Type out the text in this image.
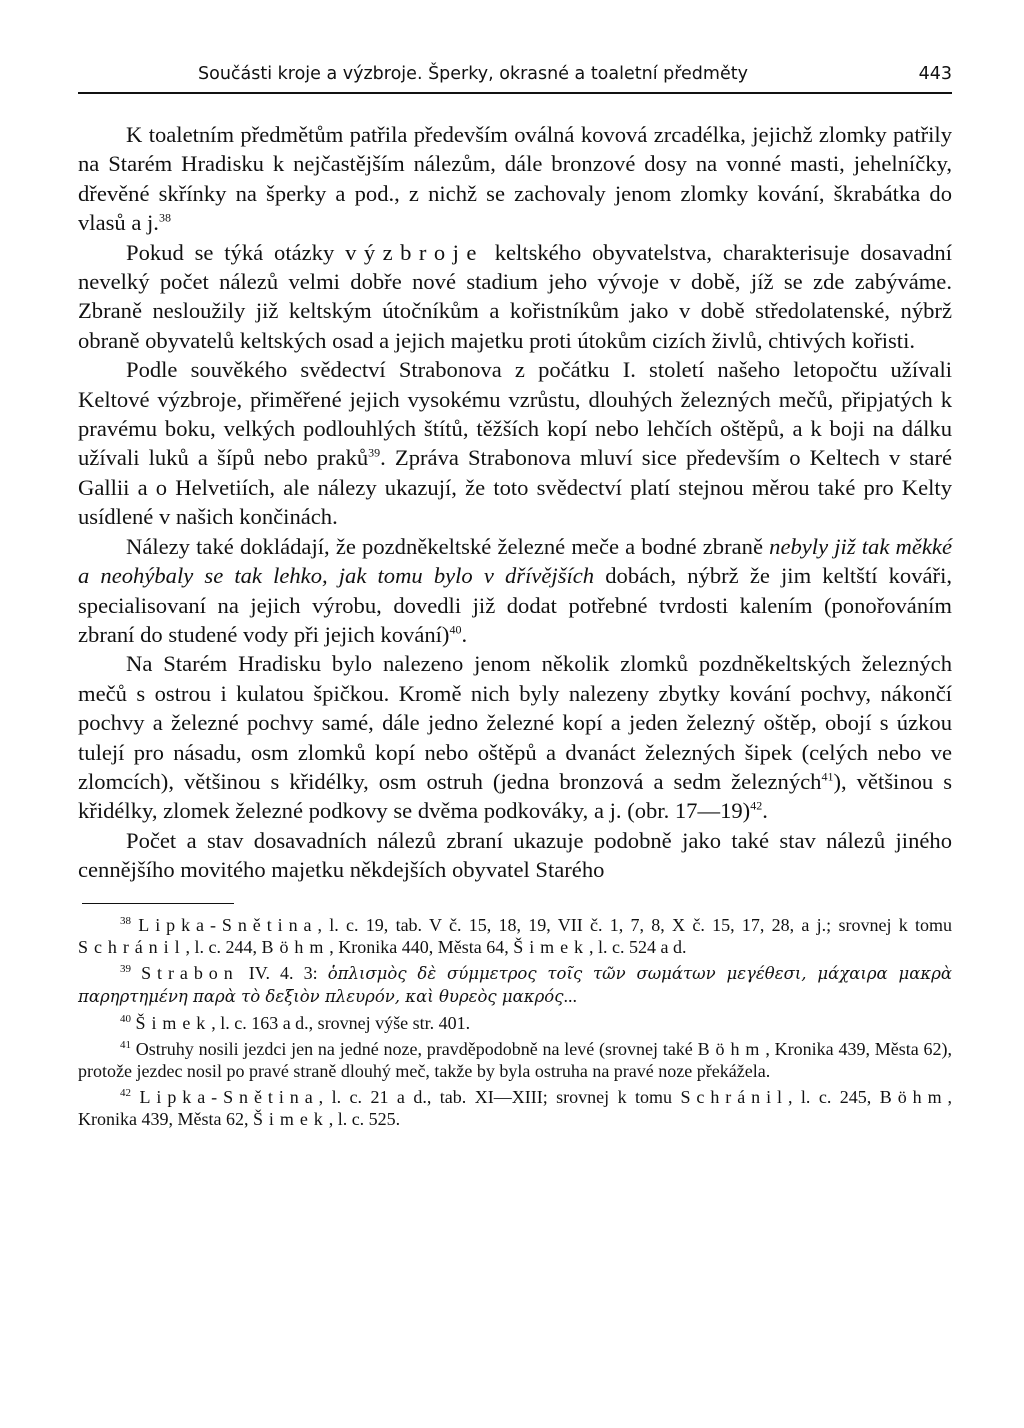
Součásti kroje a výzbroje. Šperky, okrasné a toaletní předměty	443

K toaletním předmětům patřila především oválná kovová zrcadélka, jejichž zlomky patřily na Starém Hradisku k nejčastějším nálezům, dále bronzové dosy na vonné masti, jehelníčky, dřevěné skřínky na šperky a pod., z nichž se zachovaly jenom zlomky kování, škrabátka do vlasů a j.$^{38}$

Pokud se týká otázky výzbroje keltského obyvatelstva, charakterisuje dosavadní nevelký počet nálezů velmi dobře nové stadium jeho vývoje v době, jíž se zde zabýváme. Zbraně nesloužily již keltským útočníkům a kořistníkům jako v době středolatenské, nýbrž obraně obyvatelů keltských osad a jejich majetku proti útokům cizích živlů, chtivých kořisti.

Podle souvěkého svědectví Strabonova z počátku I. století našeho letopočtu užívali Keltové výzbroje, přiměřené jejich vysokému vzrůstu, dlouhých železných mečů, připjatých k pravému boku, velkých podlouhlých štítů, těžších kopí nebo lehčích oštěpů, a k boji na dálku užívali luků a šípů nebo praků$^{39}$. Zpráva Strabonova mluví sice především o Keltech v staré Gallii a o Helvetiích, ale nálezy ukazují, že toto svědectví platí stejnou měrou také pro Kelty usídlené v našich končinách.

Nálezy také dokládají, že pozdněkeltské železné meče a bodné zbraně nebyly již tak měkké a neohýbaly se tak lehko, jak tomu bylo v dřívějších dobách, nýbrž že jim keltští kováři, specialisovaní na jejich výrobu, dovedli již dodat potřebné tvrdosti kalením (ponořováním zbraní do studené vody při jejich kování)$^{40}$.

Na Starém Hradisku bylo nalezeno jenom několik zlomků pozdněkeltských železných mečů s ostrou i kulatou špičkou. Kromě nich byly nalezeny zbytky kování pochvy, nákončí pochvy a železné pochvy samé, dále jedno železné kopí a jeden železný oštěp, obojí s úzkou tulejí pro násadu, osm zlomků kopí nebo oštěpů a dvanáct železných šipek (celých nebo ve zlomcích), většinou s křidélky, osm ostruh (jedna bronzová a sedm železných$^{41}$), většinou s křidélky, zlomek železné podkovy se dvěma podkováky, a j. (obr. 17—19)$^{42}$.

Počet a stav dosavadních nálezů zbraní ukazuje podobně jako také stav nálezů jiného cennějšího movitého majetku někdejších obyvatel Starého

$^{38}$ Lipka-Snětina, l. c. 19, tab. V č. 15, 18, 19, VII č. 1, 7, 8, X č. 15, 17, 28, a j.; srovnej k tomu Schránil, l. c. 244, Böhm, Kronika 440, Města 64, Šimek, l. c. 524 a d.

$^{39}$ Strabon IV. 4. 3: ὁπλισμὸς δὲ σύμμετρος τοῖς τῶν σωμάτων μεγέθεσι, μάχαιρα μακρὰ παρηρτημένη παρὰ τὸ δεξιὸν πλευρόν, καὶ θυρεὸς μακρός...

$^{40}$ Šimek, l. c. 163 a d., srovnej výše str. 401.

$^{41}$ Ostruhy nosili jezdci jen na jedné noze, pravděpodobně na levé (srovnej také Böhm, Kronika 439, Města 62), protože jezdec nosil po pravé straně dlouhý meč, takže by byla ostruha na pravé noze překážela.

$^{42}$ Lipka-Snětina, l. c. 21 a d., tab. XI—XIII; srovnej k tomu Schránil, l. c. 245, Böhm, Kronika 439, Města 62, Šimek, l. c. 525.
